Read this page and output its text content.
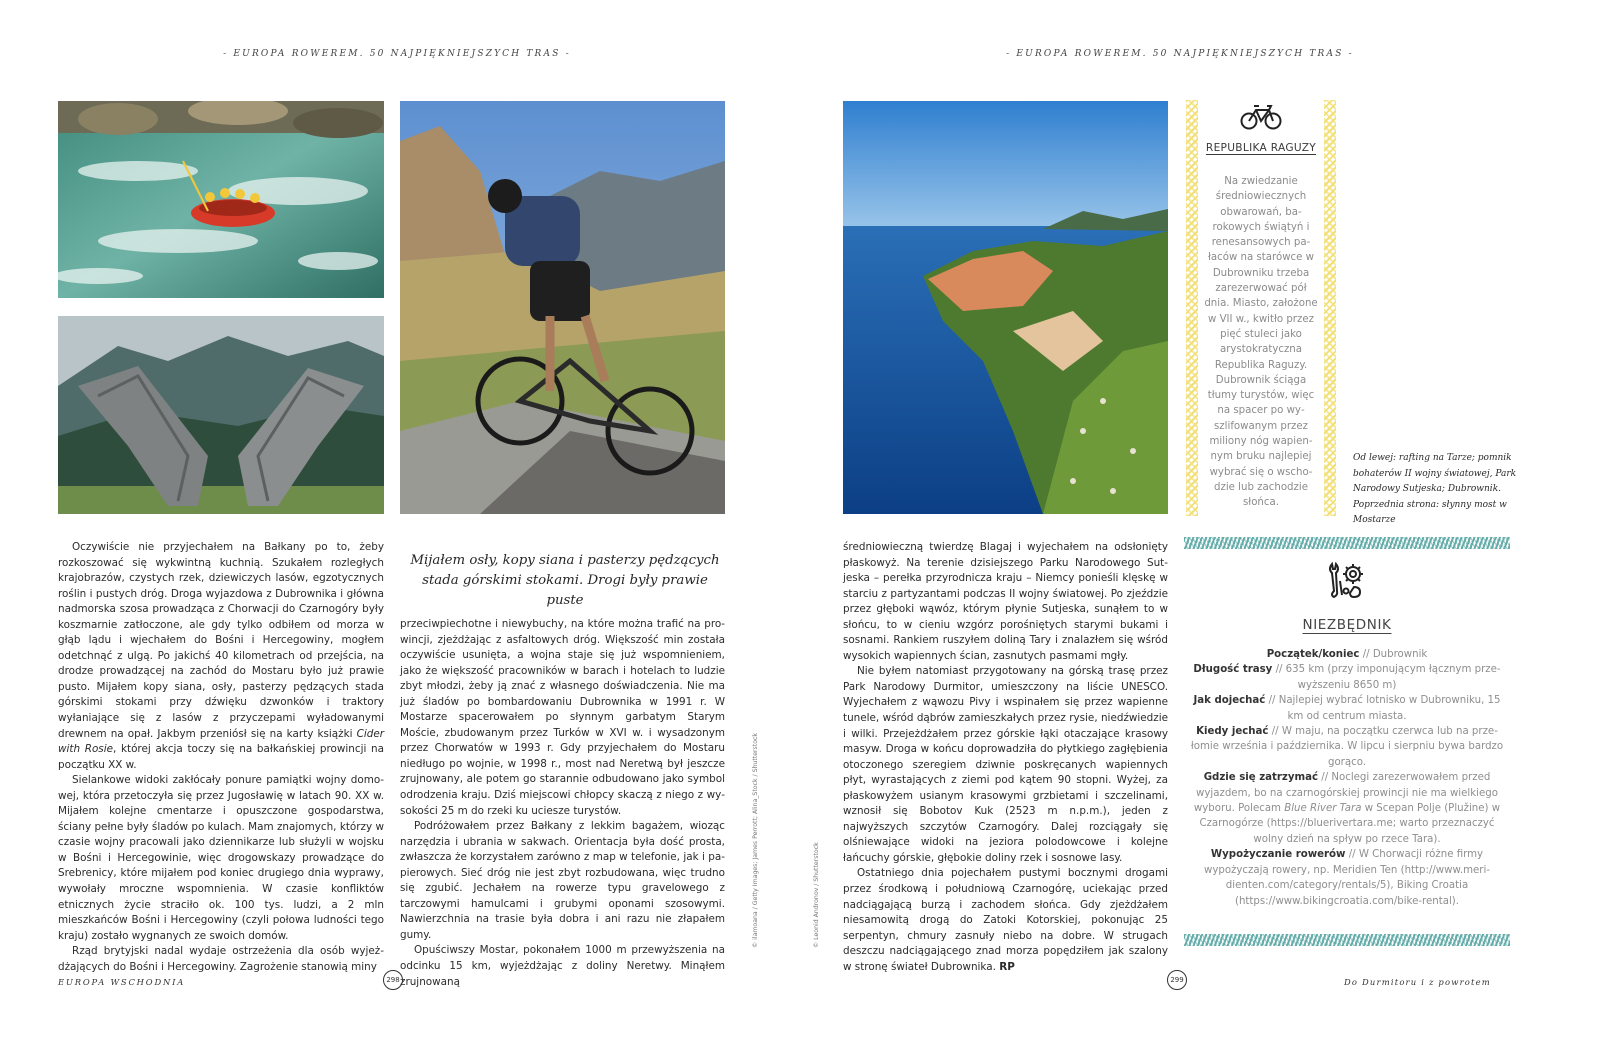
- EUROPA ROWEREM. 50 NAJPIĘKNIEJSZYCH TRAS -	- EUROPA ROWEREM. 50 NAJPIĘKNIEJSZYCH TRAS -

Oczywiście nie przyjechałem na Bałkany po to, żeby rozkoszować się wykwintną kuchnią. Szukałem rozległych krajobrazów, czystych rzek, dziewiczych lasów, egzotycznych roślin i pustych dróg. Droga wyjazdowa z Dubrownika i główna nadmorska szosa prowadząca z Chorwacji do Czarnogóry były koszmarnie zatłoczone, ale gdy tylko odbiłem od morza w głąb lądu i wjechałem do Bośni i Hercegowiny, mogłem odetchnąć z ulgą. Po jakichś 40 kilometrach od przejścia, na drodze prowadzącej na zachód do Mostaru było już prawie pusto. Mijałem kopy siana, osły, pasterzy pędzących stada górskimi stokami przy dźwięku dzwonków i traktory wyłaniające się z lasów z przyczepami wyładowanymi drewnem na opał. Jakbym przeniósł się na karty książki Cider with Rosie, której akcja toczy się na bałkańskiej prowincji na początku XX w.

Sielankowe widoki zakłócały ponure pamiątki wojny domowej, która przetoczyła się przez Jugosławię w latach 90. XX w. Mijałem kolejne cmentarze i opuszczone gospodarstwa, ściany pełne były śladów po kulach. Mam znajomych, którzy w czasie wojny pracowali jako dziennikarze lub służyli w wojsku w Bośni i Hercegowinie, więc drogowskazy prowadzące do Srebrenicy, które mijałem pod koniec drugiego dnia wyprawy, wywołały mroczne wspomnienia. W czasie konfliktów etnicznych życie straciło ok. 100 tys. ludzi, a 2 mln mieszkańców Bośni i Hercegowiny (czyli połowa ludności tego kraju) zostało wygnanych ze swoich domów.

Rząd brytyjski nadal wydaje ostrzeżenia dla osób wyjeżdżających do Bośni i Hercegowiny. Zagrożenie stanowią miny

Mijałem osły, kopy siana i pasterzy pędzących stada górskimi stokami. Drogi były prawie puste

przeciwpiechotne i niewybuchy, na które można trafić na prowincji, zjeżdżając z asfaltowych dróg. Większość min została oczywiście usunięta, a wojna staje się już wspomnieniem, jako że większość pracowników w barach i hotelach to ludzie zbyt młodzi, żeby ją znać z własnego doświadczenia. Nie ma już śladów po bombardowaniu Dubrownika w 1991 r. W Mostarze spacerowałem po słynnym garbatym Starym Moście, zbudowanym przez Turków w XVI w. i wysadzonym przez Chorwatów w 1993 r. Gdy przyjechałem do Mostaru niedługo po wojnie, w 1998 r., most nad Neretwą był jeszcze zrujnowany, ale potem go starannie odbudowano jako symbol odrodzenia kraju. Dziś miejscowi chłopcy skaczą z niego z wysokości 25 m do rzeki ku uciesze turystów.

Podróżowałem przez Bałkany z lekkim bagażem, wioząc narzędzia i ubrania w sakwach. Orientacja była dość prosta, zwłaszcza że korzystałem zarówno z map w telefonie, jak i papierowych. Sieć dróg nie jest zbyt rozbudowana, więc trudno się zgubić. Jechałem na rowerze typu gravelowego z tarczowymi hamulcami i grubymi oponami szosowymi. Nawierzchnia na trasie była dobra i ani razu nie złapałem gumy.

Opuściwszy Mostar, pokonałem 1000 m przewyższenia na odcinku 15 km, wyjeżdżając z doliny Neretwy. Minąłem zrujnowaną

© ilamoana / Getty Images; James Perrott; Alina_Stock / Shutterstock	© Leonid Andronov / Shutterstock

średniowieczną twierdzę Blagaj i wyjechałem na odsłonięty płaskowyż. Na terenie dzisiejszego Parku Narodowego Sutjeska – perełka przyrodnicza kraju – Niemcy ponieśli klęskę w starciu z partyzantami podczas II wojny światowej. Po zjeździe przez głęboki wąwóz, którym płynie Sutjeska, sunąłem to w słońcu, to w cieniu wzgórz porośniętych starymi bukami i sosnami. Rankiem ruszyłem doliną Tary i znalazłem się wśród wysokich wapiennych ścian, zasnutych pasmami mgły.

Nie byłem natomiast przygotowany na górską trasę przez Park Narodowy Durmitor, umieszczony na liście UNESCO. Wyjechałem z wąwozu Pivy i wspinałem się przez wapienne tunele, wśród dąbrów zamieszkałych przez rysie, niedźwiedzie i wilki. Przejeżdżałem przez górskie łąki otaczające krasowy masyw. Droga w końcu doprowadziła do płytkiego zagłębienia otoczonego szeregiem dziwnie poskręcanych wapiennych płyt, wyrastających z ziemi pod kątem 90 stopni. Wyżej, za płaskowyżem usianym krasowymi grzbietami i szczelinami, wznosił się Bobotov Kuk (2523 m n.p.m.), jeden z najwyższych szczytów Czarnogóry. Dalej rozciągały się olśniewające widoki na jeziora polodowcowe i kolejne łańcuchy górskie, głębokie doliny rzek i sosnowe lasy.

Ostatniego dnia pojechałem pustymi bocznymi drogami przez środkową i południową Czarnogórę, uciekając przed nadciągającą burzą i zachodem słońca. Gdy zjeżdżałem niesamowitą drogą do Zatoki Kotorskiej, pokonując 25 serpentyn, chmury zasnuły niebo na dobre. W strugach deszczu nadciągającego znad morza popędziłem jak szalony w stronę świateł Dubrownika. RP

REPUBLIKA RAGUZY

Na zwiedzanie średniowiecznych obwarowań, barokowych świątyń i renesansowych pałaców na starówce w Dubrowniku trzeba zarezerwować pół dnia. Miasto, założone w VII w., kwitło przez pięć stuleci jako arystokratyczna Republika Raguzy. Dubrownik ściąga tłumy turystów, więc na spacer po wyszlifowanym przez miliony nóg wapiennym bruku najlepiej wybrać się o wschodzie lub zachodzie słońca.

Od lewej: rafting na Tarze; pomnik bohaterów II wojny światowej, Park Narodowy Sutjeska; Dubrownik. Poprzednia strona: słynny most w Mostarze
NIEZBĘDNIK
Początek/koniec // Dubrownik
Długość trasy // 635 km (przy imponującym łącznym przewyższeniu 8650 m)
Jak dojechać // Najlepiej wybrać lotnisko w Dubrowniku, 15 km od centrum miasta.
Kiedy jechać // W maju, na początku czerwca lub na przełomie września i października. W lipcu i sierpniu bywa bardzo gorąco.
Gdzie się zatrzymać // Noclegi zarezerwowałem przed wyjazdem, bo na czarnogórskiej prowincji nie ma wielkiego wyboru. Polecam Blue River Tara w Scepan Polje (Plužine) w Czarnogórze (https://bluerivertara.me; warto przeznaczyć wolny dzień na spływ po rzece Tara).
Wypożyczanie rowerów // W Chorwacji różne firmy wypożyczają rowery, np. Meridien Ten (http://www.meridienten.com/category/rentals/5), Biking Croatia (https://www.bikingcroatia.com/bike-rental).
EUROPA WSCHODNIA	298	299	Do Durmitoru i z powrotem
